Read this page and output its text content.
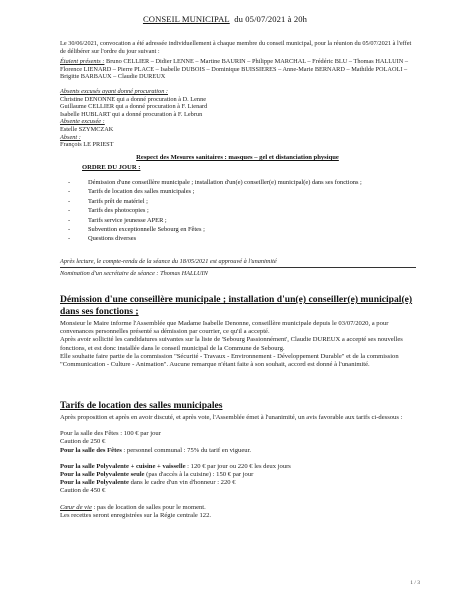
CONSEIL MUNICIPAL du 05/07/2021 à 20h
Le 30/06/2021, convocation a été adressée individuellement à chaque membre du conseil municipal, pour la réunion du 05/07/2021 à l'effet de délibérer sur l'ordre du jour suivant :
Étaient présents : Bruno CELLIER – Didier LENNE – Martine BAURIN – Philippe MARCHAL – Frédéric BLU – Thomas HALLUIN – Florence LIENARD – Pierre PLACE – Isabelle DUBOIS – Dominique BUISSIERES – Anne-Marie BERNARD – Mathilde POLAOLI – Brigitte BARBAUX – Claudie DUREUX
Absents excusés ayant donné procuration :
Christine DENONNE qui a donné procuration à D. Lenne
Guillaume CELLIER qui a donné procuration à F. Lienard
Isabelle HUBLART qui a donné procuration à F. Lebrun
Absente excusée :
Estelle SZYMCZAK
Absent :
François LE PRIEST
Respect des Mesures sanitaires : masques – gel et distanciation physique
ORDRE DU JOUR :
- Démission d'une conseillère municipale ; installation d'un(e) conseiller(e) municipal(e) dans ses fonctions ;
- Tarifs de location des salles municipales ;
- Tarifs prêt de matériel ;
- Tarifs des photocopies ;
- Tarifs service jeunesse APER ;
- Subvention exceptionnelle Sebourg en Fêtes ;
- Questions diverses
Après lecture, le compte-rendu de la séance du 18/05/2021 est approuvé à l'unanimité
Nomination d'un secrétaire de séance : Thomas HALLUIN
Démission d'une conseillère municipale ; installation d'un(e) conseiller(e) municipal(e) dans ses fonctions ;
Monsieur le Maire informe l'Assemblée que Madame Isabelle Denonne, conseillère municipale depuis le 03/07/2020, a pour convenances personnelles présenté sa démission par courrier, ce qu'il a accepté.
Après avoir sollicité les candidatures suivantes sur la liste de 'Sebourg Passionnément', Claudie DUREUX a accepté ses nouvelles fonctions, et est donc installée dans le conseil municipal de la Commune de Sebourg.
Elle souhaite faire partie de la commission "Sécurité - Travaux - Environnement - Développement Durable" et de la commission "Communication - Culture - Animation". Aucune remarque n'étant faite à son souhait, accord est donné à l'unanimité.
Tarifs de location des salles municipales
Après proposition et après en avoir discuté, et après vote, l'Assemblée émet à l'unanimité, un avis favorable aux tarifs ci-dessous :
Pour la salle des Fêtes : 100 € par jour
Caution de 250 €
Pour la salle des Fêtes : personnel communal : 75% du tarif en vigueur.
Pour la salle Polyvalente + cuisine + vaisselle : 120 € par jour ou 220 € les deux jours
Pour la salle Polyvalente seule (pas d'accès à la cuisine) : 150 € par jour
Pour la salle Polyvalente dans le cadre d'un vin d'honneur : 220 €
Caution de 450 €
Cœur de vie : pas de location de salles pour le moment.
Les recettes seront enregistrées sur la Régie centrale 122.
1 / 3
